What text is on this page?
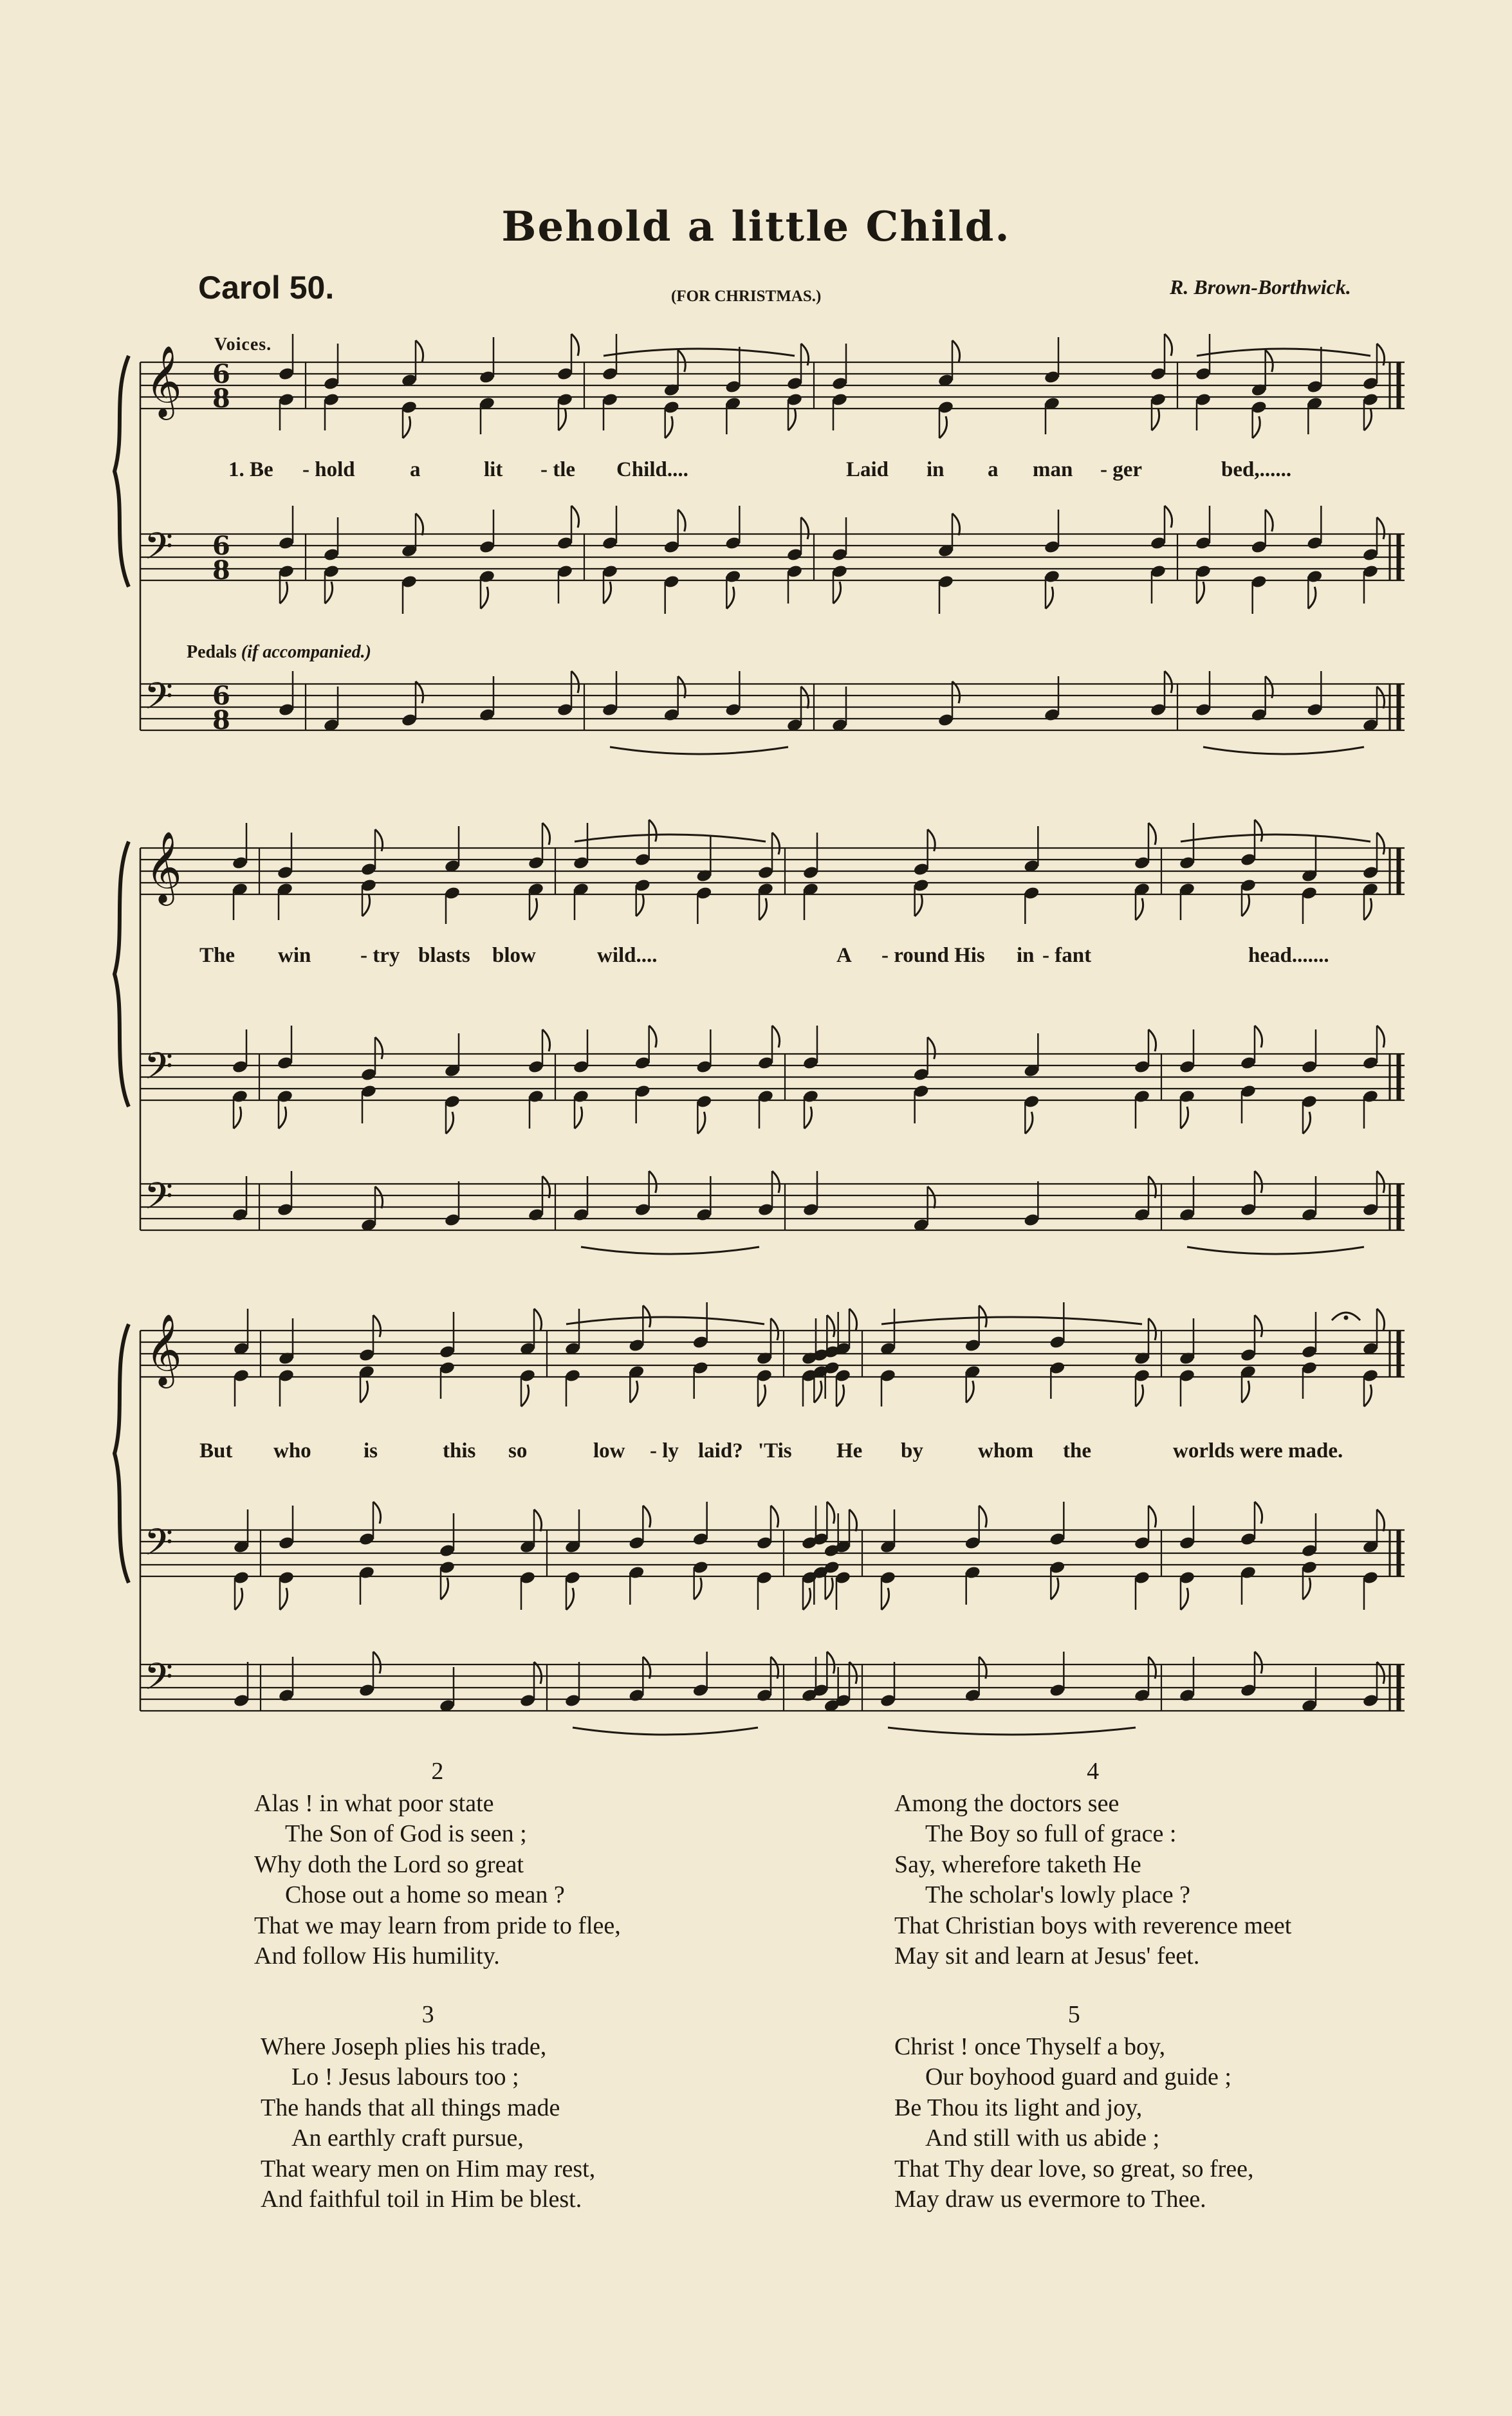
Behold a little Child.
Carol 50.	(FOR CHRISTMAS.)	R. Brown-Borthwick.
Voices.
Pedals (if accompanied.)
𝄞
𝄢
𝄢
6
8
6
8
6
8
𝄞
𝄢
𝄢
𝄞
𝄢
𝄢
1. Be - hold	a	lit - tle Child....	Laid in a man - ger	bed,......
The win - try blasts blow	wild....	A - round His in - fant	head.......
But who is	this so	low - ly laid? 'Tis He by	whom the	worlds were made.
2
Alas ! in what poor state
The Son of God is seen ;
Why doth the Lord so great
Chose out a home so mean ?
That we may learn from pride to flee,
And follow His humility.
3
Where Joseph plies his trade,
Lo ! Jesus labours too ;
The hands that all things made
An earthly craft pursue,
That weary men on Him may rest,
And faithful toil in Him be blest.
4
Among the doctors see
The Boy so full of grace :
Say, wherefore taketh He
The scholar's lowly place ?
That Christian boys with reverence meet
May sit and learn at Jesus' feet.
5
Christ ! once Thyself a boy,
Our boyhood guard and guide ;
Be Thou its light and joy,
And still with us abide ;
That Thy dear love, so great, so free,
May draw us evermore to Thee.
